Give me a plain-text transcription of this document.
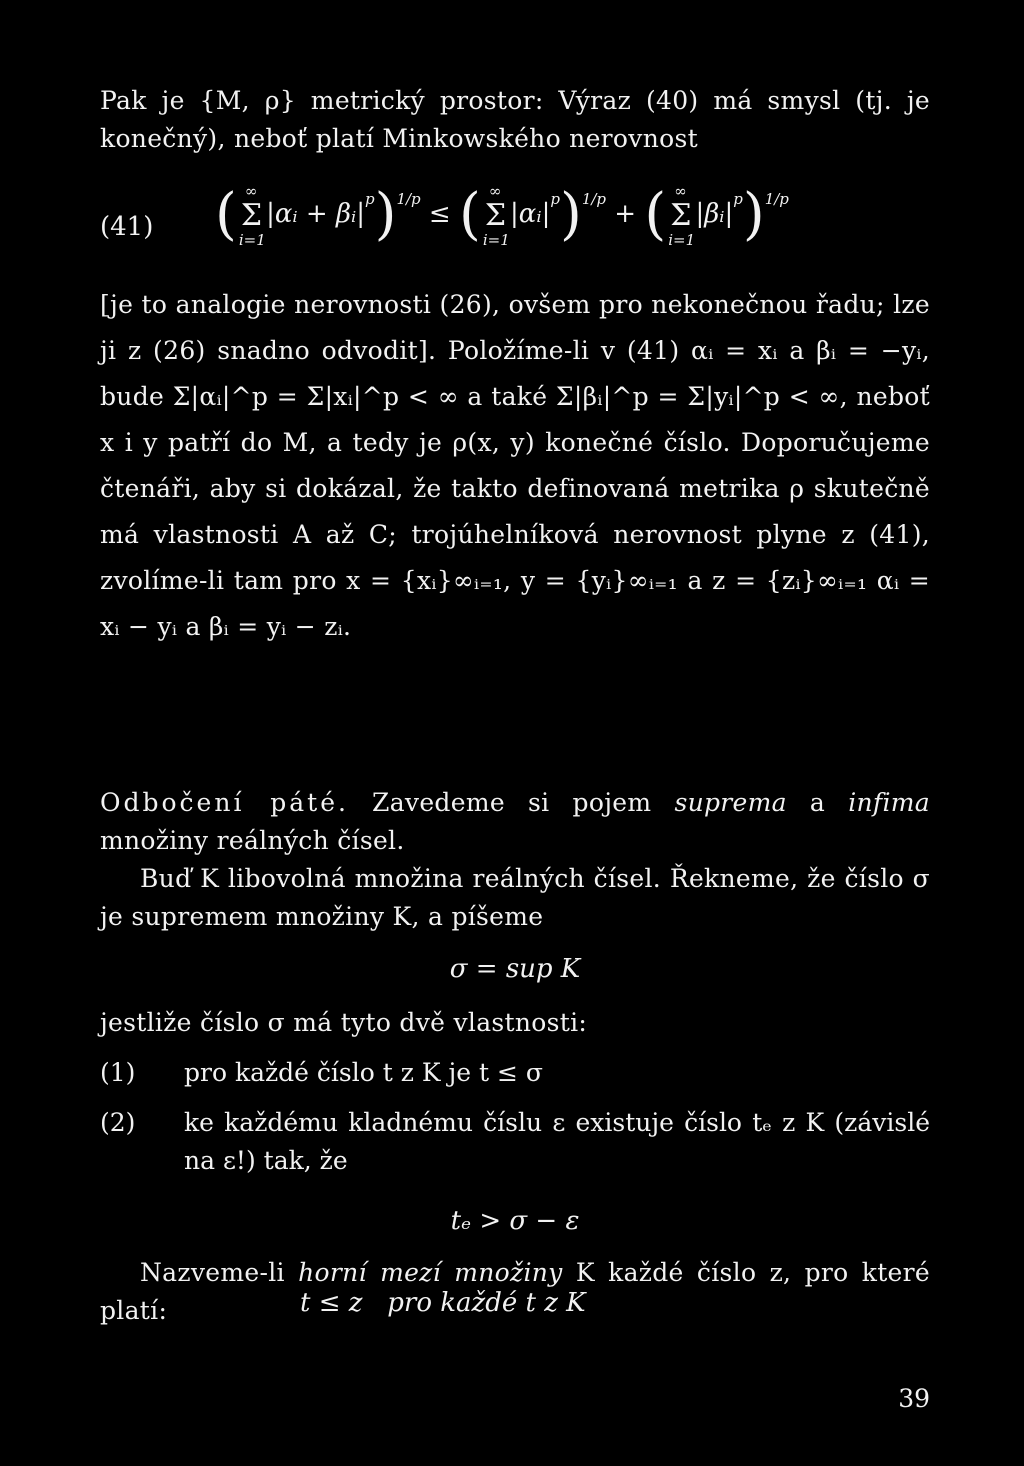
Pak je {M, ρ} metrický prostor: Výraz (40) má smysl (tj. je konečný), neboť platí Minkowského nerovnost

(41) ( Σ
∞
i=1
|αᵢ + $\beta ᵢ|^p)^{1/p}$ ≤ ( Σ
∞
i=1
$|\alpha ᵢ|^p)^{1/p}$ + ( Σ
∞
i=1
$|\beta ᵢ|^p)^{1/p}$

[je to analogie nerovnosti (26), ovšem pro nekonečnou řadu; lze ji z (26) snadno odvodit]. Položíme-li v (41) αᵢ = xᵢ a βᵢ = −yᵢ, bude Σ|αᵢ|^p = Σ|xᵢ|^p < ∞ a také Σ|βᵢ|^p = Σ|yᵢ|^p < ∞, neboť x i y patří do M, a tedy je ρ(x, y) konečné číslo. Doporučujeme čtenáři, aby si dokázal, že takto definovaná metrika ρ skutečně má vlastnosti A až C; trojúhelníková nerovnost plyne z (41), zvolíme-li tam pro x = {xᵢ}∞ᵢ₌₁, y = {yᵢ}∞ᵢ₌₁ a z = {zᵢ}∞ᵢ₌₁ αᵢ = xᵢ − yᵢ a βᵢ = yᵢ − zᵢ.

Odbočení páté. Zavedeme si pojem suprema a infima množiny reálných čísel.

Buď K libovolná množina reálných čísel. Řekneme, že číslo σ je supremem množiny K, a píšeme

σ = sup K

jestliže číslo σ má tyto dvě vlastnosti:

(1) pro každé číslo t z K je t ≤ σ
(2) ke každému kladnému číslu ε existuje číslo tₑ z K (závislé na ε!) tak, že
tₑ > σ − ε

Nazveme-li horní mezí množiny K každé číslo z, pro které platí:	t ≤ z   pro každé t z K
39
